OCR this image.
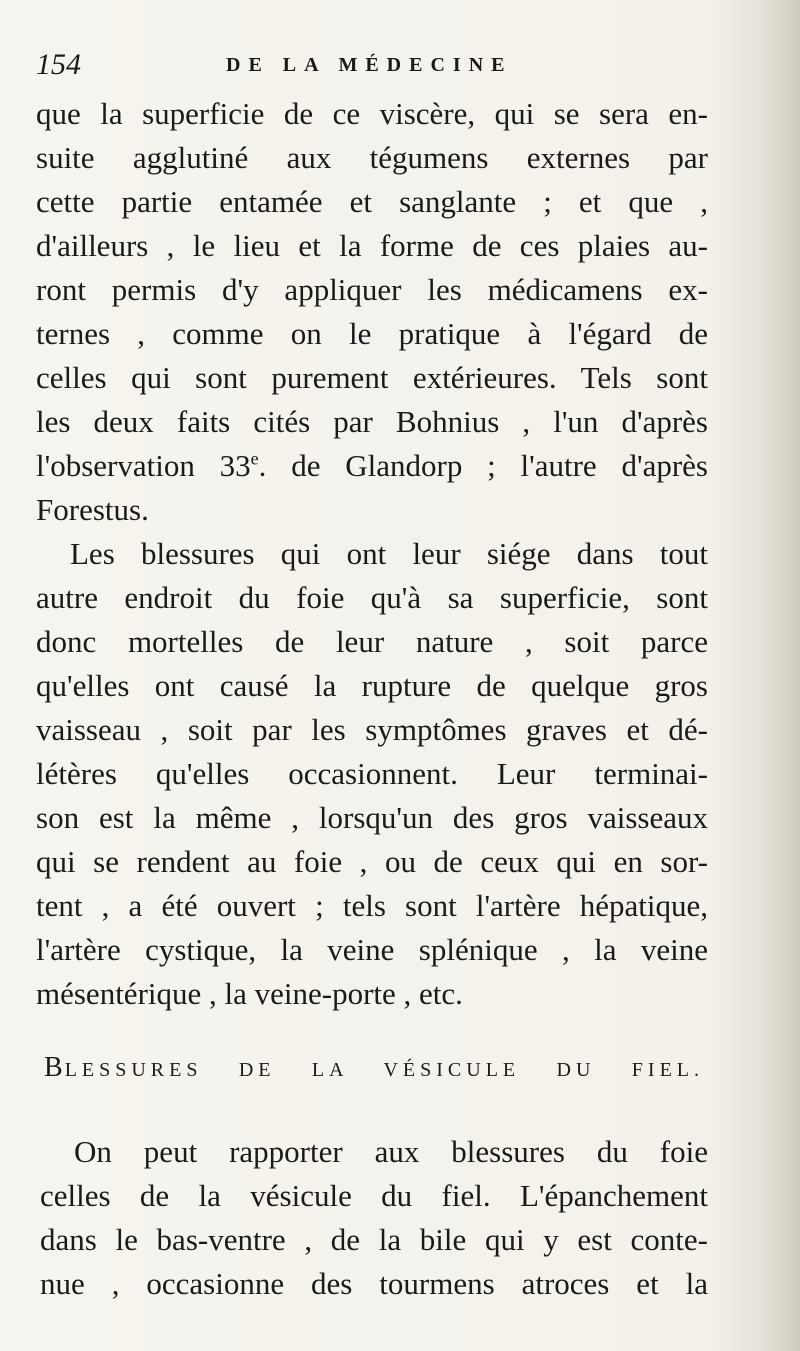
154	DE LA MÉDECINE
que la superficie de ce viscère, qui se sera en-
suite agglutiné aux tégumens externes par
cette partie entamée et sanglante ; et que ,
d'ailleurs , le lieu et la forme de ces plaies au-
ront permis d'y appliquer les médicamens ex-
ternes , comme on le pratique à l'égard de
celles qui sont purement extérieures. Tels sont
les deux faits cités par Bohnius , l'un d'après
l'observation 33e. de Glandorp ; l'autre d'après
Forestus.
Les blessures qui ont leur siége dans tout
autre endroit du foie qu'à sa superficie, sont
donc mortelles de leur nature , soit parce
qu'elles ont causé la rupture de quelque gros
vaisseau , soit par les symptômes graves et dé-
létères qu'elles occasionnent. Leur terminai-
son est la même , lorsqu'un des gros vaisseaux
qui se rendent au foie , ou de ceux qui en sor-
tent , a été ouvert ; tels sont l'artère hépatique,
l'artère cystique, la veine splénique , la veine
mésentérique , la veine-porte , etc.
BLESSURES DE LA VÉSICULE DU FIEL.
On peut rapporter aux blessures du foie
celles de la vésicule du fiel. L'épanchement
dans le bas-ventre , de la bile qui y est conte-
nue , occasionne des tourmens atroces et la
